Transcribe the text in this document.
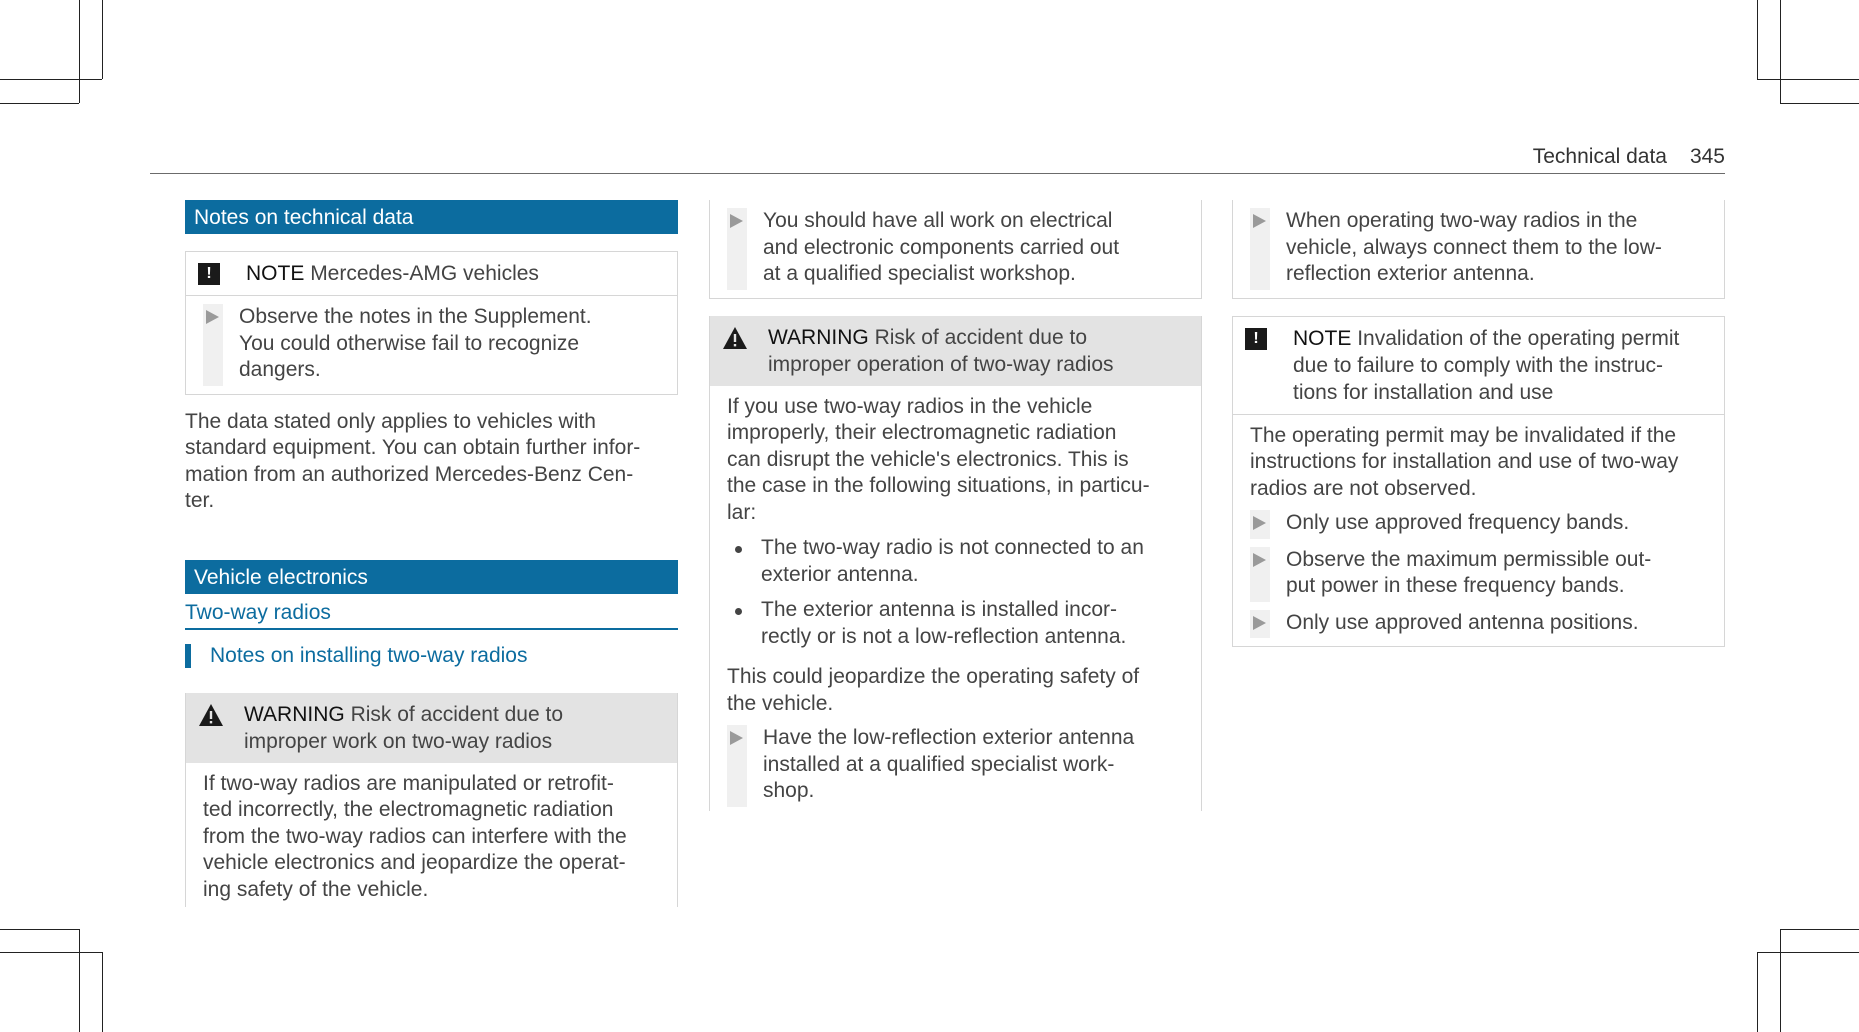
Technical data 345
Notes on technical data
!	NOTE Mercedes-AMG vehicles
Observe the notes in the Supplement.
You could otherwise fail to recognize
dangers.
The data stated only applies to vehicles with
standard equipment. You can obtain further infor-
mation from an authorized Mercedes-Benz Cen-
ter.
Vehicle electronics
Two-way radios
Notes on installing two-way radios
WARNING Risk of accident due to
improper work on two-way radios
If two-way radios are manipulated or retrofit-
ted incorrectly, the electromagnetic radiation
from the two-way radios can interfere with the
vehicle electronics and jeopardize the operat-
ing safety of the vehicle.
You should have all work on electrical
and electronic components carried out
at a qualified specialist workshop.
WARNING Risk of accident due to
improper operation of two-way radios
If you use two-way radios in the vehicle
improperly, their electromagnetic radiation
can disrupt the vehicle's electronics. This is
the case in the following situations, in particu-
lar:
The two-way radio is not connected to an
exterior antenna.
The exterior antenna is installed incor-
rectly or is not a low-reflection antenna.
This could jeopardize the operating safety of
the vehicle.
Have the low-reflection exterior antenna
installed at a qualified specialist work-
shop.
When operating two-way radios in the
vehicle, always connect them to the low-
reflection exterior antenna.
!	NOTE Invalidation of the operating permit
due to failure to comply with the instruc-
tions for installation and use
The operating permit may be invalidated if the
instructions for installation and use of two-way
radios are not observed.
Only use approved frequency bands.
Observe the maximum permissible out-
put power in these frequency bands.
Only use approved antenna positions.
